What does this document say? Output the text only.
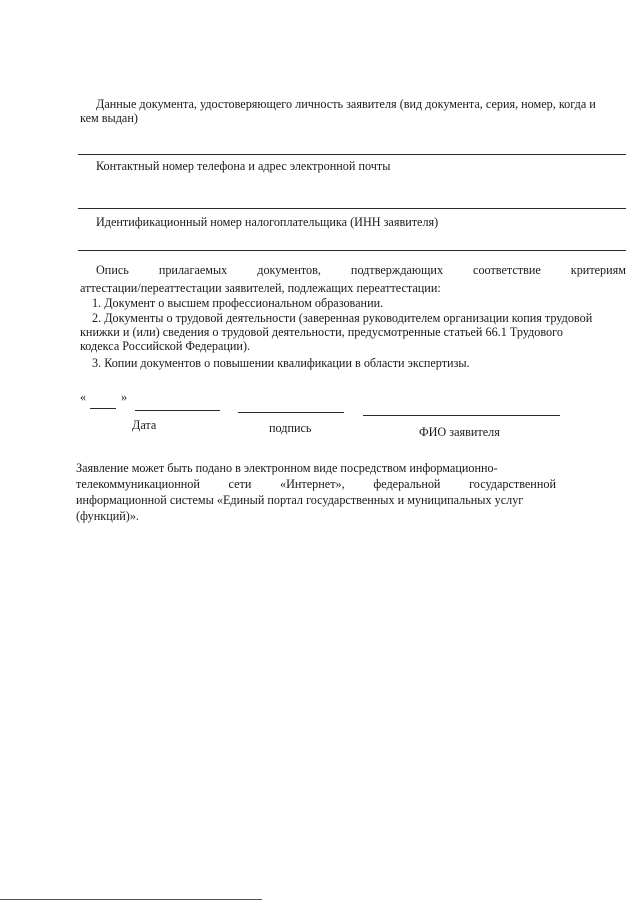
Данные документа, удостоверяющего личность заявителя (вид документа, серия, номер, когда и
кем выдан)
Контактный номер телефона и адрес электронной почты
Идентификационный номер налогоплательщика (ИНН заявителя)
Опись прилагаемых документов, подтверждающих соответствие критериям
аттестации/переаттестации заявителей, подлежащих переаттестации:
1. Документ о высшем профессиональном образовании.
2. Документы о трудовой деятельности (заверенная руководителем организации копия трудовой
книжки и (или) сведения о трудовой деятельности, предусмотренные статьей 66.1 Трудового
кодекса Российской Федерации).
3. Копии документов о повышении квалификации в области экспертизы.
«	»
Дата	подпись	ФИО заявителя
Заявление может быть подано в электронном виде посредством информационно-
телекоммуникационной сети «Интернет», федеральной государственной
информационной системы «Единый портал государственных и муниципальных услуг
(функций)».
